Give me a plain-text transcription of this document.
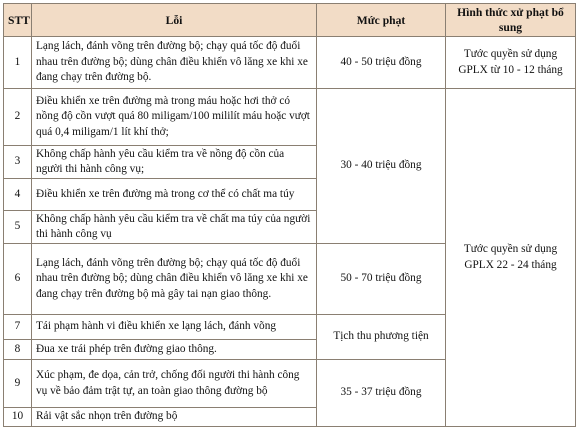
STT	Lỗi	Mức phạt	Hình thức xử phạt bổ sung
1	Lạng lách, đánh võng trên đường bộ; chạy quá tốc độ đuổi nhau trên đường bộ; dùng chân điều khiển vô lăng xe khi xe đang chạy trên đường bộ.	40 - 50 triệu đồng	Tước quyền sử dụng GPLX từ 10 - 12 tháng
2	Điều khiển xe trên đường mà trong máu hoặc hơi thở có nồng độ cồn vượt quá 80 miligam/100 mililít máu hoặc vượt quá 0,4 miligam/1 lít khí thở;	30 - 40 triệu đồng	Tước quyền sử dụng GPLX 22 - 24 tháng
3	Không chấp hành yêu cầu kiểm tra về nồng độ cồn của người thi hành công vụ;		
4	Điều khiển xe trên đường mà trong cơ thể có chất ma túy		
5	Không chấp hành yêu cầu kiểm tra về chất ma túy của người thi hành công vụ		
6	Lạng lách, đánh võng trên đường bộ; chạy quá tốc độ đuổi nhau trên đường bộ; dùng chân điều khiển vô lăng xe khi xe đang chạy trên đường bộ mà gây tai nạn giao thông.	50 - 70 triệu đồng	
7	Tái phạm hành vi điều khiển xe lạng lách, đánh võng	Tịch thu phương tiện	
8	Đua xe trái phép trên đường giao thông.		
9	Xúc phạm, đe dọa, cản trở, chống đối người thi hành công vụ về bảo đảm trật tự, an toàn giao thông đường bộ	35 - 37 triệu đồng	
10	Rải vật sắc nhọn trên đường bộ		
